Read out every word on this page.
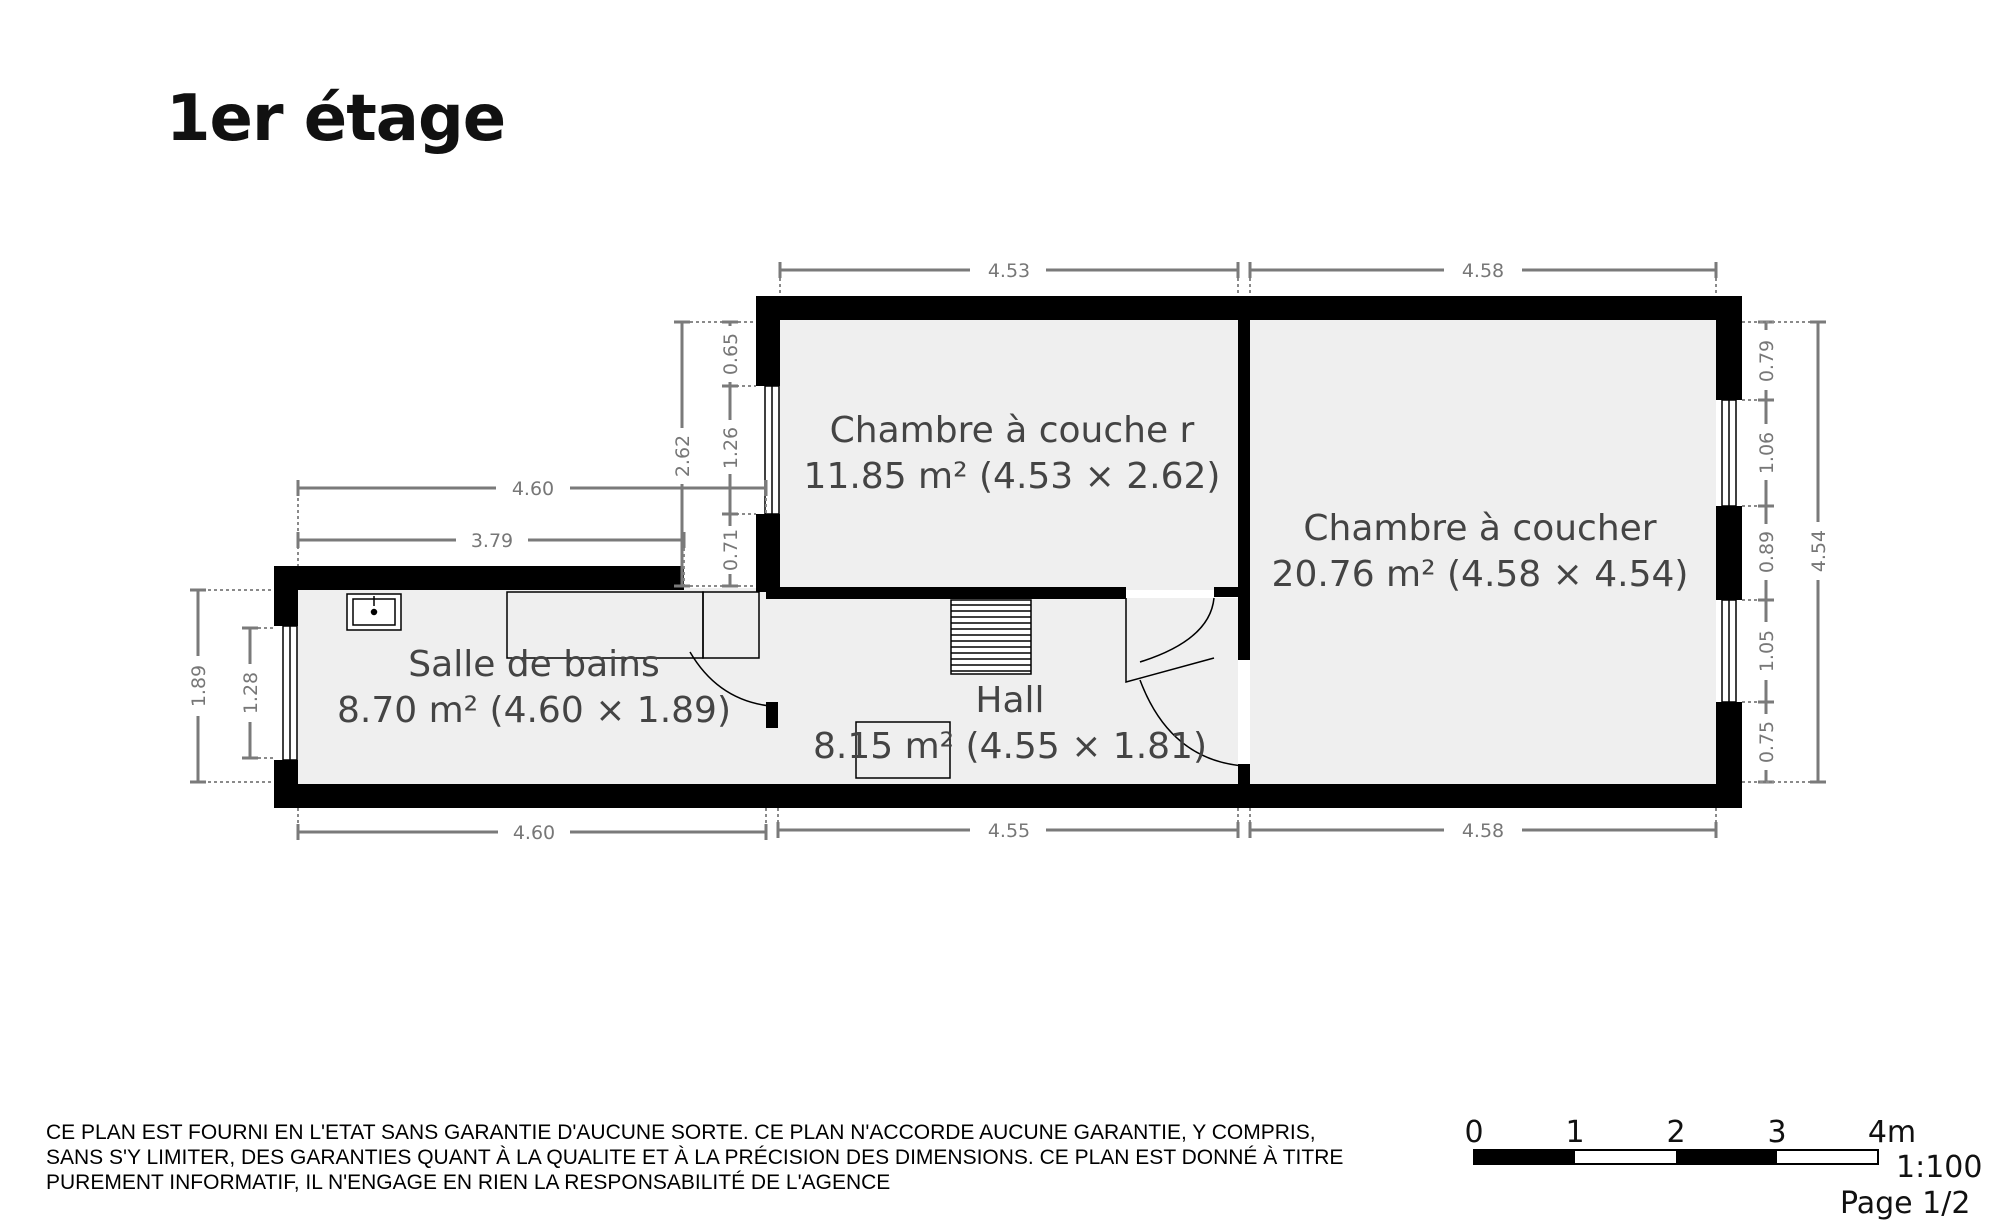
1er étage
Chambre à couche r
11.85 m² (4.53 × 2.62)
Chambre à coucher
20.76 m² (4.58 × 4.54)
Salle de bains
8.70 m² (4.60 × 1.89)	Hall
8.15 m² (4.55 × 1.81)
4.53	4.58
4.60
3.79
4.60	4.55	4.58
1.89 1.28
2.62
0.65
1.26
0.71
0.79
1.06
0.89
1.05
0.75
4.54
0	1	2	3	4m
CE PLAN EST FOURNI EN L'ETAT SANS GARANTIE D'AUCUNE SORTE. CE PLAN N'ACCORDE AUCUNE GARANTIE, Y COMPRIS, SANS S'Y LIMITER, DES GARANTIES QUANT À LA QUALITE ET À LA PRÉCISION DES DIMENSIONS. CE PLAN EST DONNÉ À TITRE PUREMENT INFORMATIF, IL N'ENGAGE EN RIEN LA RESPONSABILITÉ DE L'AGENCE	1:100
Page 1/2
